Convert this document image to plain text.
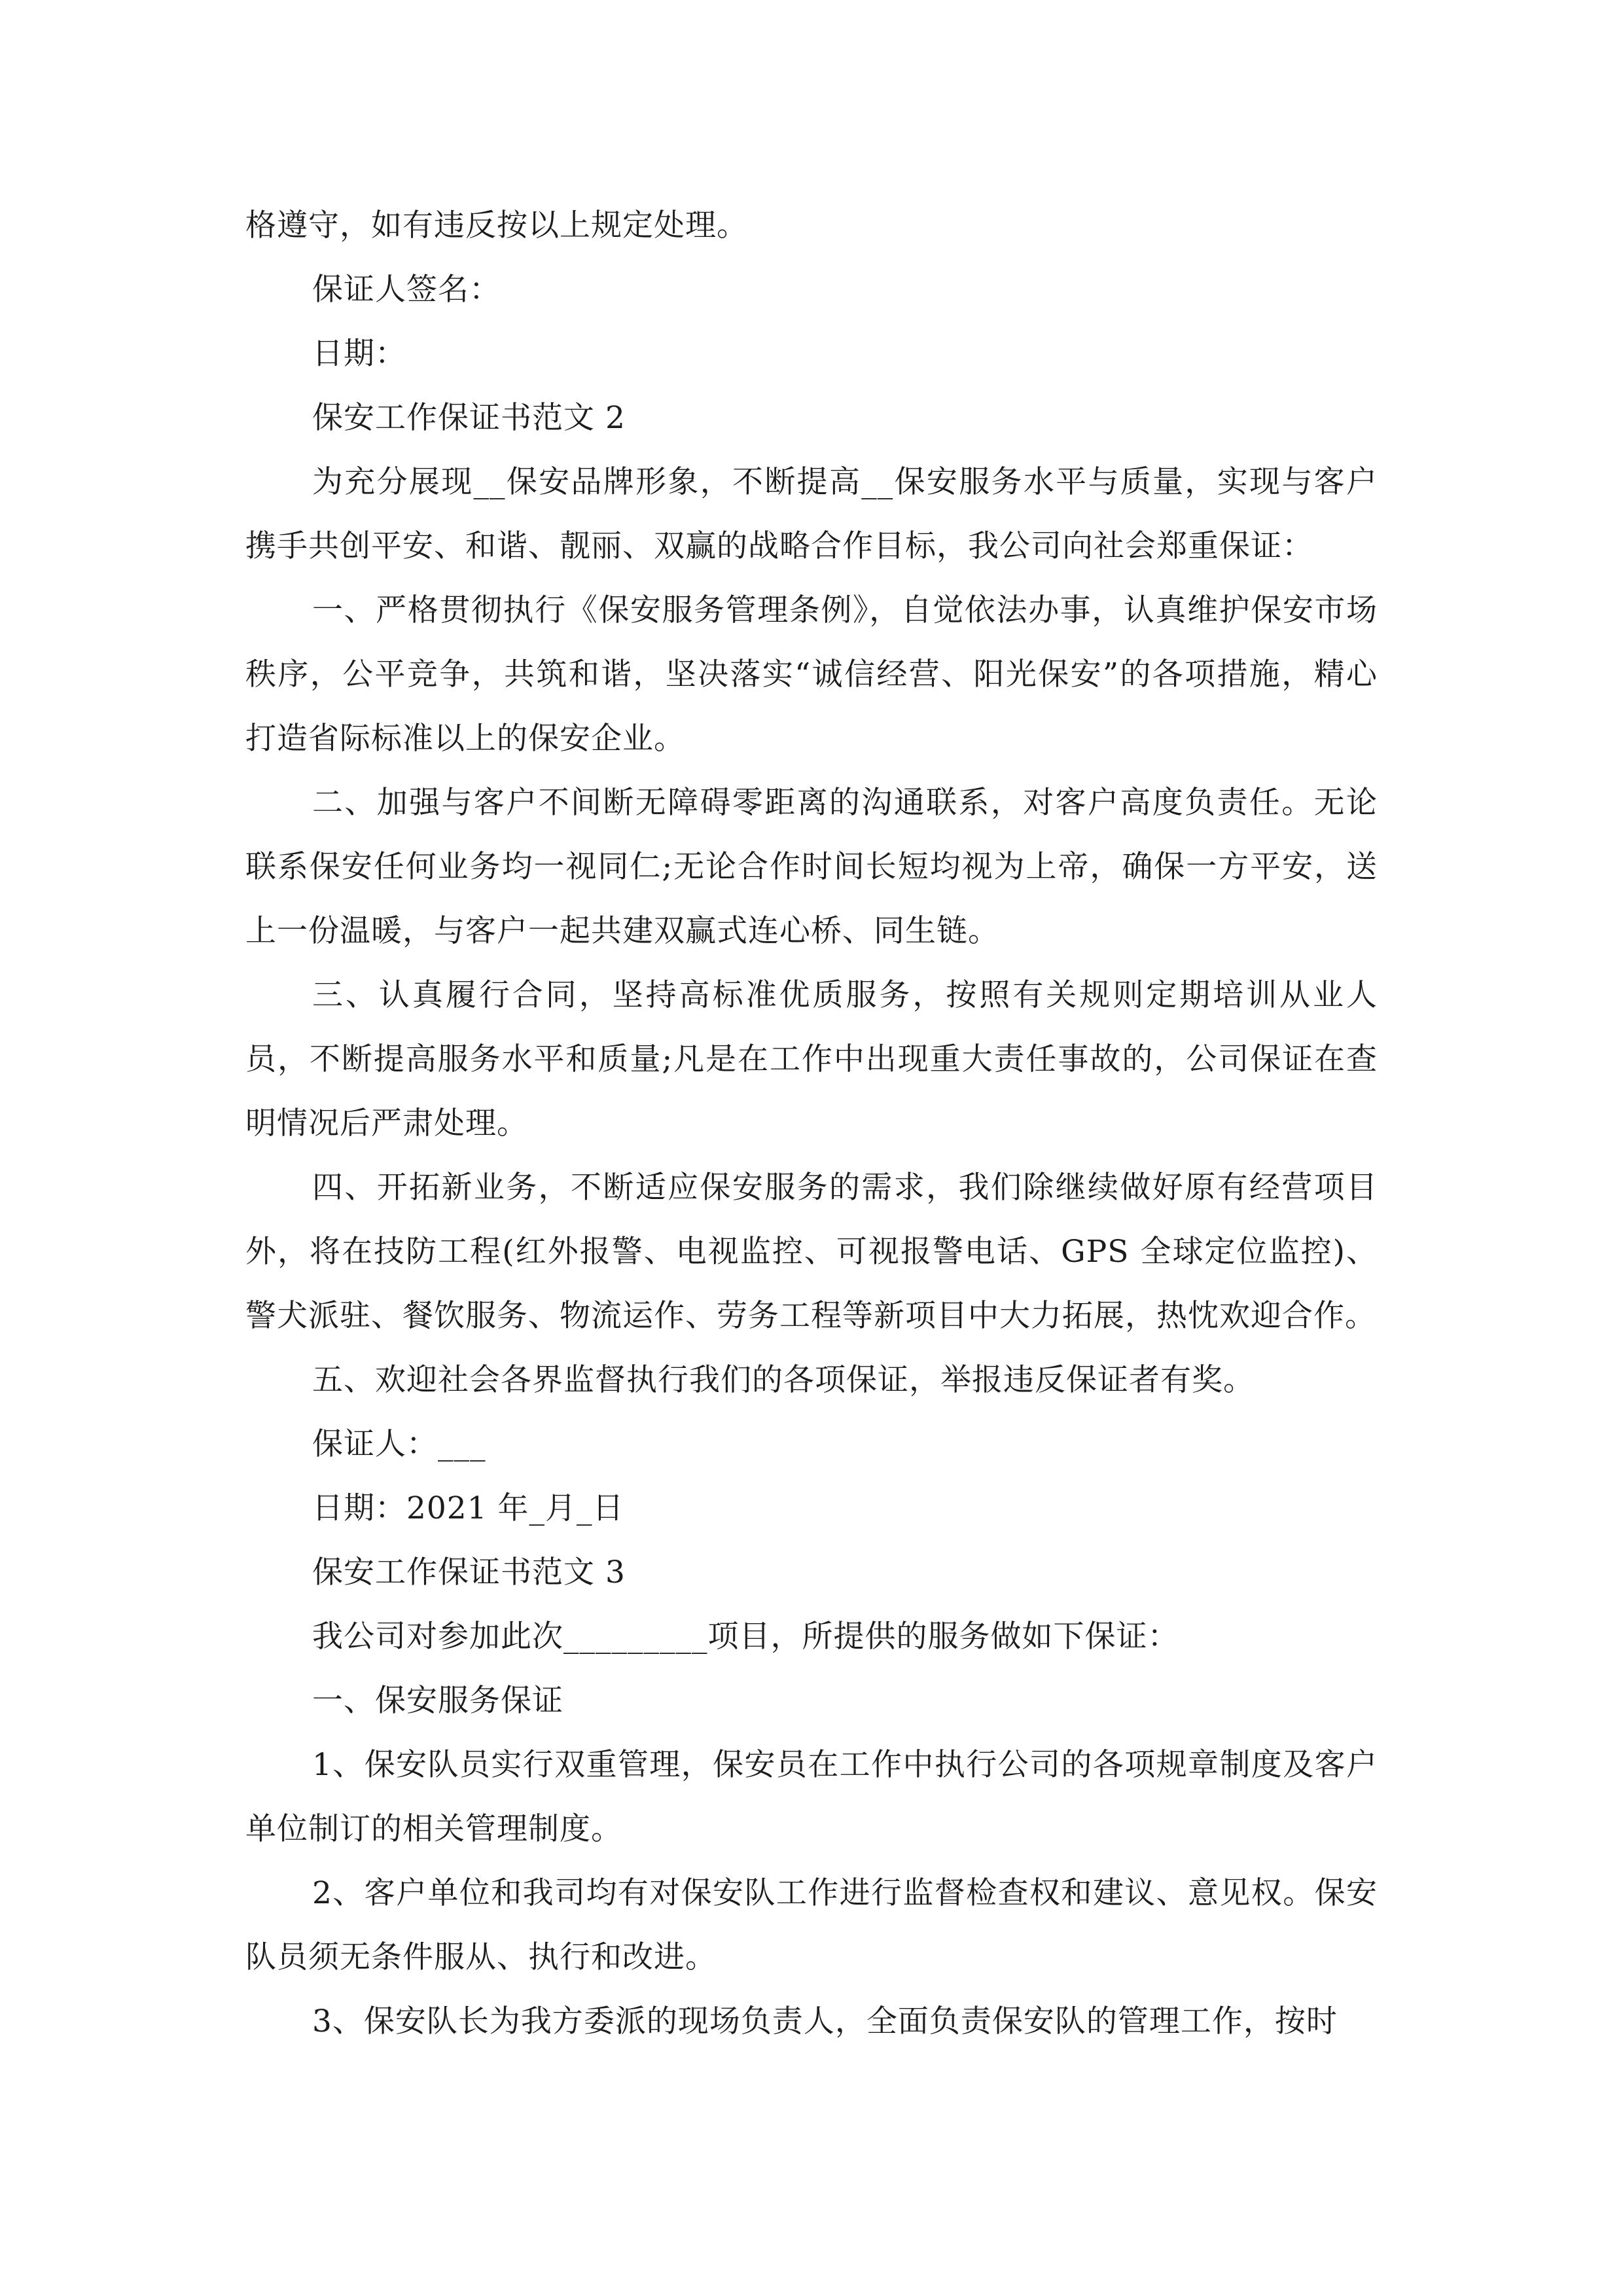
格遵守，如有违反按以上规定处理。

保证人签名：

日期：

保安工作保证书范文 2

为充分展现__保安品牌形象，不断提高__保安服务水平与质量，实现与客户携手共创平安、和谐、靓丽、双赢的战略合作目标，我公司向社会郑重保证：

一、严格贯彻执行《保安服务管理条例》，自觉依法办事，认真维护保安市场秩序，公平竞争，共筑和谐，坚决落实“诚信经营、阳光保安”的各项措施，精心打造省际标准以上的保安企业。

二、加强与客户不间断无障碍零距离的沟通联系，对客户高度负责任。无论联系保安任何业务均一视同仁;无论合作时间长短均视为上帝，确保一方平安，送上一份温暖，与客户一起共建双赢式连心桥、同生链。

三、认真履行合同，坚持高标准优质服务，按照有关规则定期培训从业人员，不断提高服务水平和质量;凡是在工作中出现重大责任事故的，公司保证在查明情况后严肃处理。

四、开拓新业务，不断适应保安服务的需求，我们除继续做好原有经营项目外，将在技防工程(红外报警、电视监控、可视报警电话、GPS 全球定位监控)、警犬派驻、餐饮服务、物流运作、劳务工程等新项目中大力拓展，热忱欢迎合作。

五、欢迎社会各界监督执行我们的各项保证，举报违反保证者有奖。

保证人：___

日期：2021 年_月_日

保安工作保证书范文 3

我公司对参加此次_________项目，所提供的服务做如下保证：

一、保安服务保证

1、保安队员实行双重管理，保安员在工作中执行公司的各项规章制度及客户单位制订的相关管理制度。

2、客户单位和我司均有对保安队工作进行监督检查权和建议、意见权。保安队员须无条件服从、执行和改进。

3、保安队长为我方委派的现场负责人，全面负责保安队的管理工作，按时
